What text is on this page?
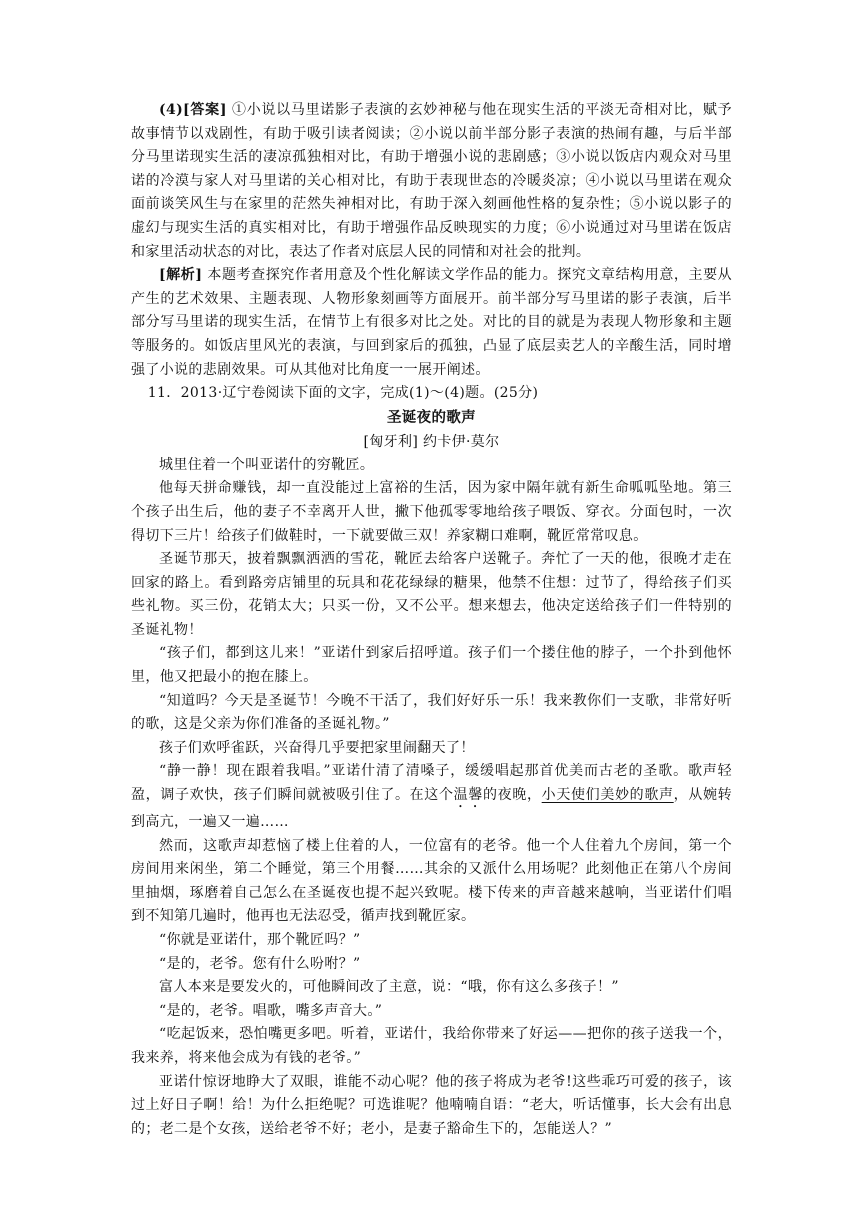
(4)[答案] ①小说以马里诺影子表演的玄妙神秘与他在现实生活的平淡无奇相对比，赋予故事情节以戏剧性，有助于吸引读者阅读；②小说以前半部分影子表演的热闹有趣，与后半部分马里诺现实生活的凄凉孤独相对比，有助于增强小说的悲剧感；③小说以饭店内观众对马里诺的冷漠与家人对马里诺的关心相对比，有助于表现世态的冷暖炎凉；④小说以马里诺在观众面前谈笑风生与在家里的茫然失神相对比，有助于深入刻画他性格的复杂性；⑤小说以影子的虚幻与现实生活的真实相对比，有助于增强作品反映现实的力度；⑥小说通过对马里诺在饭店和家里活动状态的对比，表达了作者对底层人民的同情和对社会的批判。

[解析] 本题考查探究作者用意及个性化解读文学作品的能力。探究文章结构用意，主要从产生的艺术效果、主题表现、人物形象刻画等方面展开。前半部分写马里诺的影子表演，后半部分写马里诺的现实生活，在情节上有很多对比之处。对比的目的就是为表现人物形象和主题等服务的。如饭店里风光的表演，与回到家后的孤独，凸显了底层卖艺人的辛酸生活，同时增强了小说的悲剧效果。可从其他对比角度一一展开阐述。

11．2013·辽宁卷阅读下面的文字，完成(1)～(4)题。(25分)

圣诞夜的歌声

[匈牙利] 约卡伊·莫尔

城里住着一个叫亚诺什的穷靴匠。

他每天拼命赚钱，却一直没能过上富裕的生活，因为家中隔年就有新生命呱呱坠地。第三个孩子出生后，他的妻子不幸离开人世，撇下他孤零零地给孩子喂饭、穿衣。分面包时，一次得切下三片！给孩子们做鞋时，一下就要做三双！养家糊口难啊，靴匠常常叹息。

圣诞节那天，披着飘飘洒洒的雪花，靴匠去给客户送靴子。奔忙了一天的他，很晚才走在回家的路上。看到路旁店铺里的玩具和花花绿绿的糖果，他禁不住想：过节了，得给孩子们买些礼物。买三份，花销太大；只买一份，又不公平。想来想去，他决定送给孩子们一件特别的圣诞礼物！

“孩子们，都到这儿来！”亚诺什到家后招呼道。孩子们一个搂住他的脖子，一个扑到他怀里，他又把最小的抱在膝上。

“知道吗？今天是圣诞节！今晚不干活了，我们好好乐一乐！我来教你们一支歌，非常好听的歌，这是父亲为你们准备的圣诞礼物。”

孩子们欢呼雀跃，兴奋得几乎要把家里闹翻天了！

“静一静！现在跟着我唱。”亚诺什清了清嗓子，缓缓唱起那首优美而古老的圣歌。歌声轻盈，调子欢快，孩子们瞬间就被吸引住了。在这个温馨的夜晚，小天使们美妙的歌声，从婉转到高亢，一遍又一遍……

然而，这歌声却惹恼了楼上住着的人，一位富有的老爷。他一个人住着九个房间，第一个房间用来闲坐，第二个睡觉，第三个用餐……其余的又派什么用场呢？此刻他正在第八个房间里抽烟，琢磨着自己怎么在圣诞夜也提不起兴致呢。楼下传来的声音越来越响，当亚诺什们唱到不知第几遍时，他再也无法忍受，循声找到靴匠家。

“你就是亚诺什，那个靴匠吗？”

“是的，老爷。您有什么吩咐？”

富人本来是要发火的，可他瞬间改了主意，说：“哦，你有这么多孩子！”

“是的，老爷。唱歌，嘴多声音大。”

“吃起饭来，恐怕嘴更多吧。听着，亚诺什，我给你带来了好运——把你的孩子送我一个，我来养，将来他会成为有钱的老爷。”

亚诺什惊讶地睁大了双眼，谁能不动心呢？他的孩子将成为老爷!这些乖巧可爱的孩子，该过上好日子啊！给！为什么拒绝呢？可选谁呢？他喃喃自语：“老大，听话懂事，长大会有出息的；老二是个女孩，送给老爷不好；老小，是妻子豁命生下的，怎能送人？”
